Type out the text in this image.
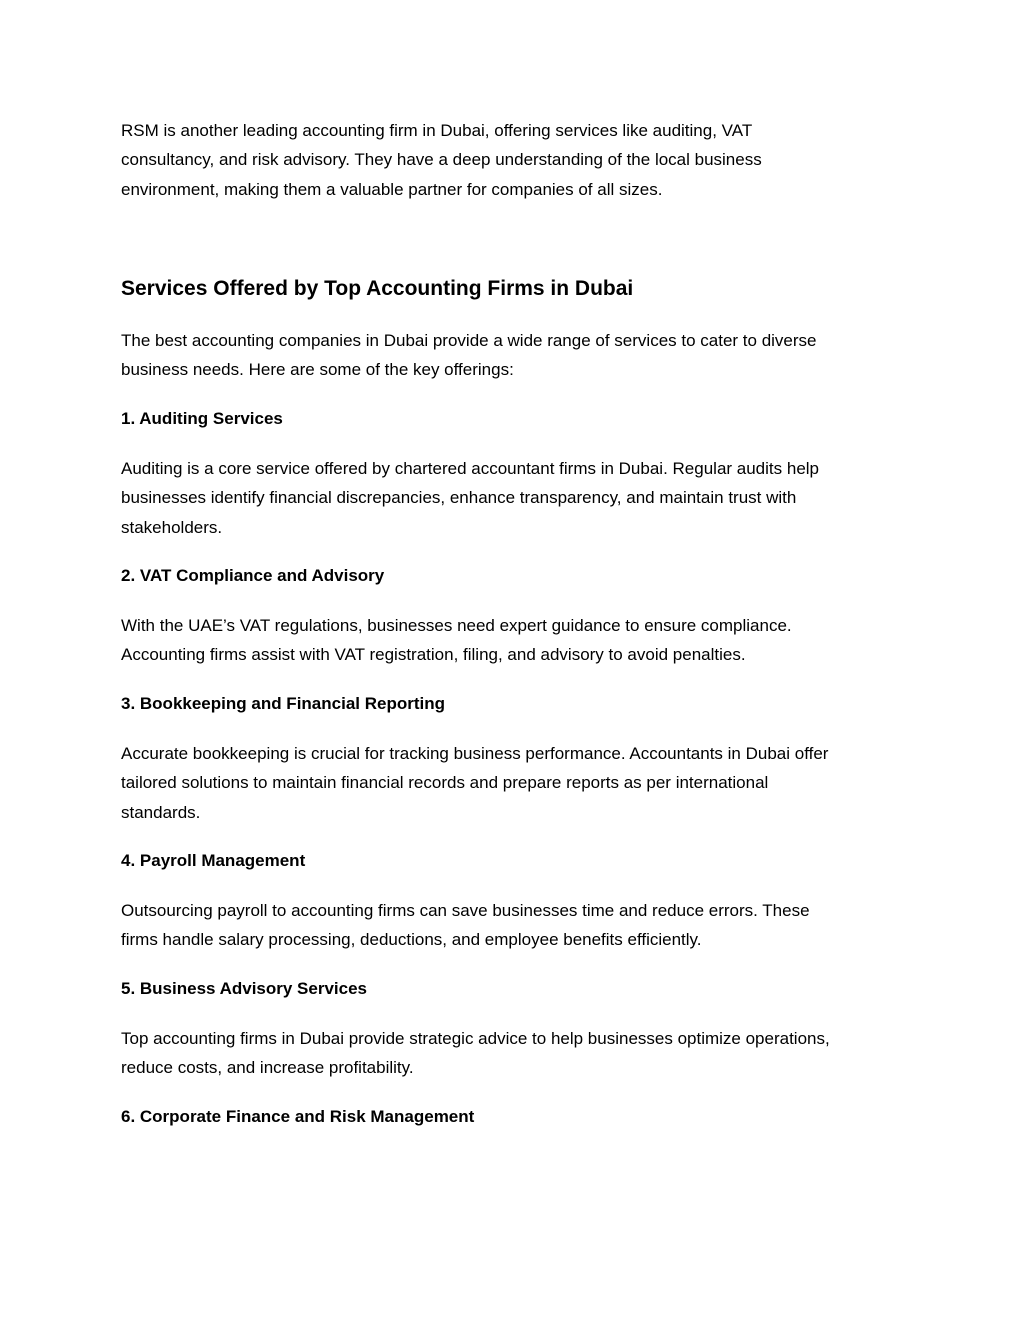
RSM is another leading accounting firm in Dubai, offering services like auditing, VAT
consultancy, and risk advisory. They have a deep understanding of the local business
environment, making them a valuable partner for companies of all sizes.

Services Offered by Top Accounting Firms in Dubai

The best accounting companies in Dubai provide a wide range of services to cater to diverse
business needs. Here are some of the key offerings:

1. Auditing Services

Auditing is a core service offered by chartered accountant firms in Dubai. Regular audits help
businesses identify financial discrepancies, enhance transparency, and maintain trust with
stakeholders.

2. VAT Compliance and Advisory

With the UAE’s VAT regulations, businesses need expert guidance to ensure compliance.
Accounting firms assist with VAT registration, filing, and advisory to avoid penalties.

3. Bookkeeping and Financial Reporting

Accurate bookkeeping is crucial for tracking business performance. Accountants in Dubai offer
tailored solutions to maintain financial records and prepare reports as per international
standards.

4. Payroll Management

Outsourcing payroll to accounting firms can save businesses time and reduce errors. These
firms handle salary processing, deductions, and employee benefits efficiently.

5. Business Advisory Services

Top accounting firms in Dubai provide strategic advice to help businesses optimize operations,
reduce costs, and increase profitability.

6. Corporate Finance and Risk Management
